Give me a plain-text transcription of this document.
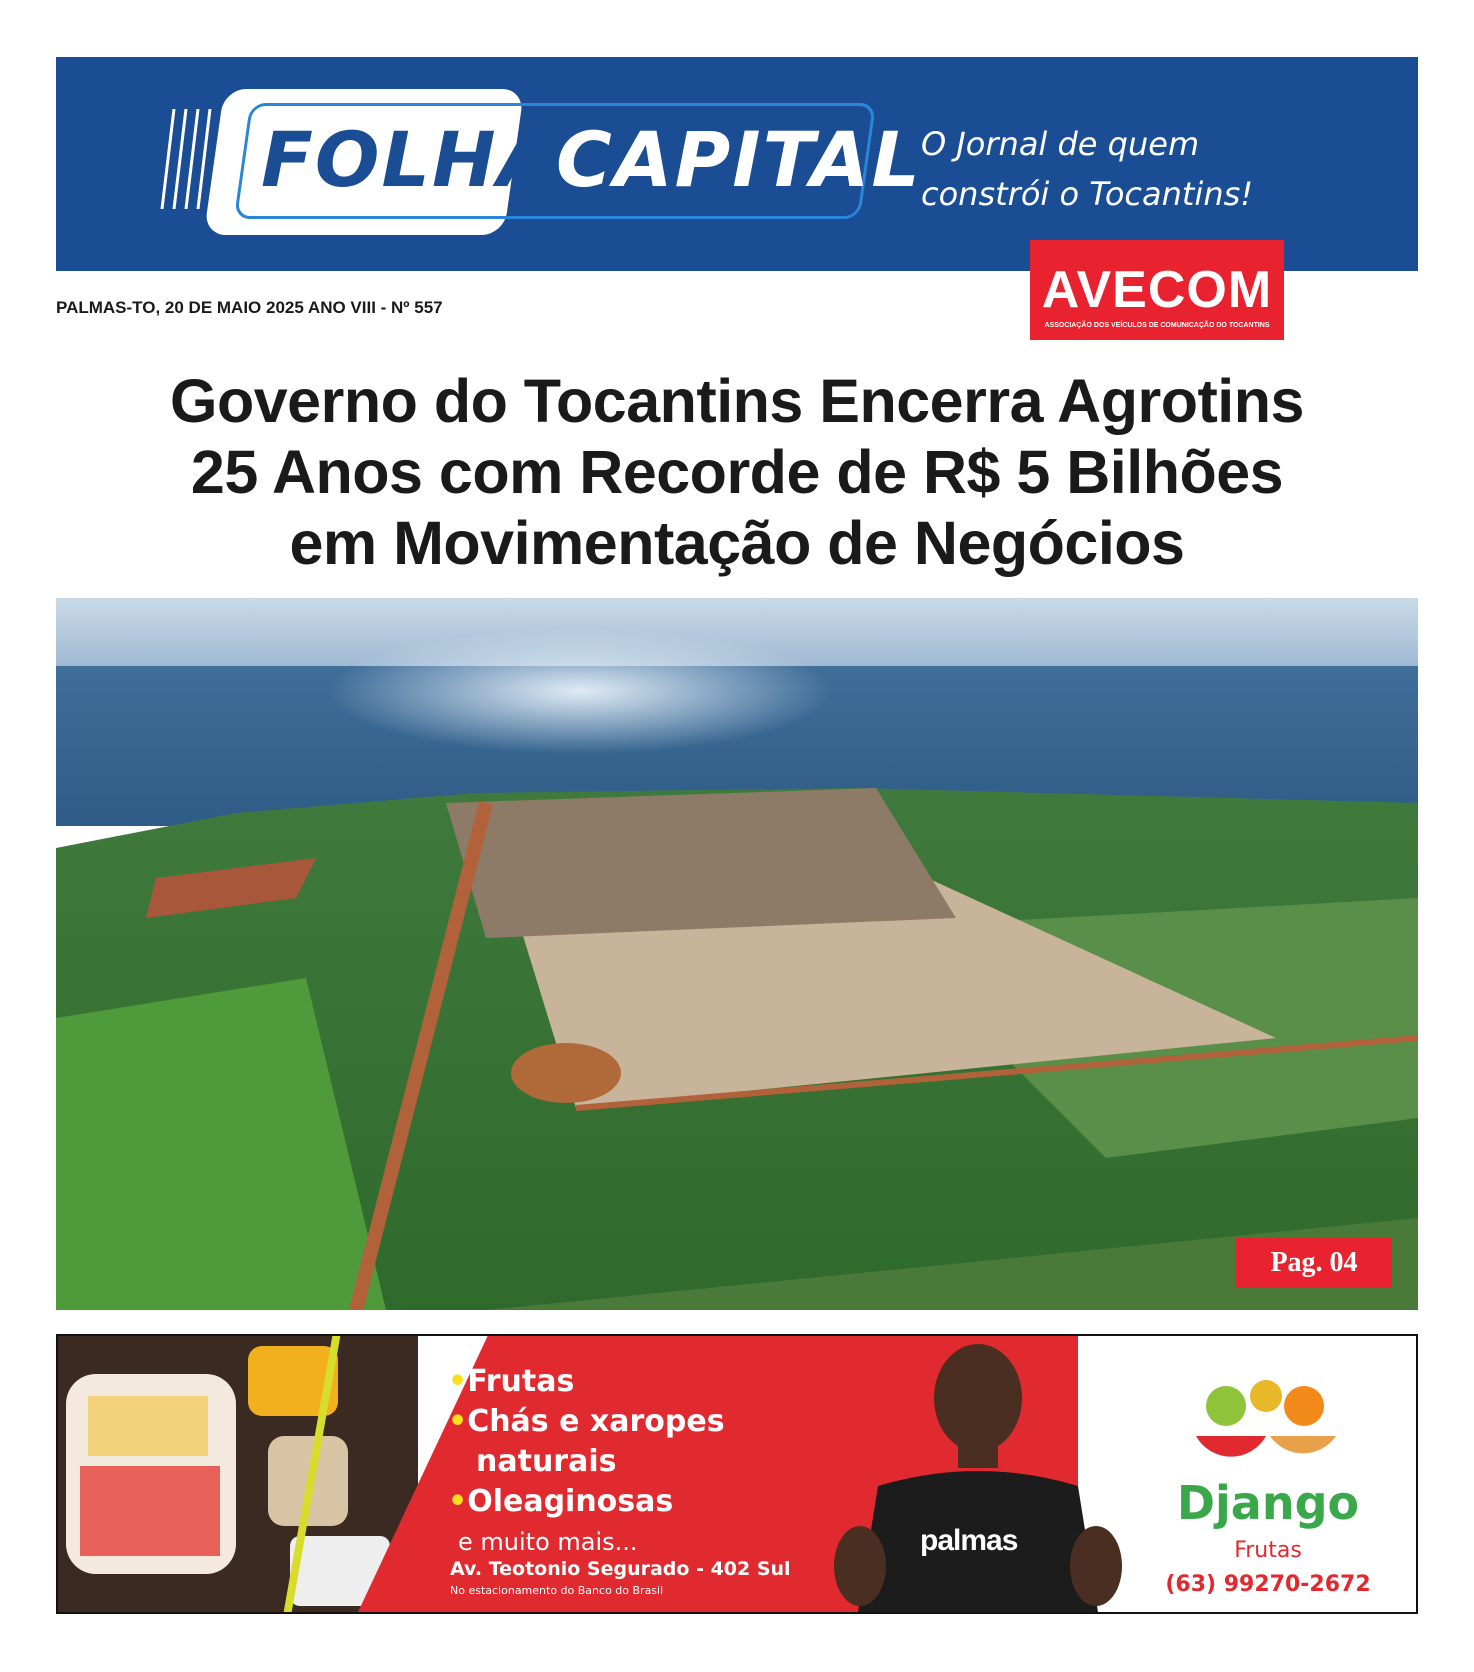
FOLHA
CAPITAL O Jornal de quem
constrói o Tocantins!
AVECOM
ASSOCIAÇÃO DOS VEÍCULOS DE COMUNICAÇÃO DO TOCANTINS
PALMAS-TO, 20 DE MAIO 2025 ANO VIII - Nº 557
Governo do Tocantins Encerra Agrotins
25 Anos com Recorde de R$ 5 Bilhões
em Movimentação de Negócios
Pag. 04
•Frutas
•Chás e xaropes
naturais
•Oleaginosas
e muito mais...
Av. Teotonio Segurado - 402 Sul
No estacionamento do Banco do Brasil
palmas
Django
Frutas
(63) 99270-2672
